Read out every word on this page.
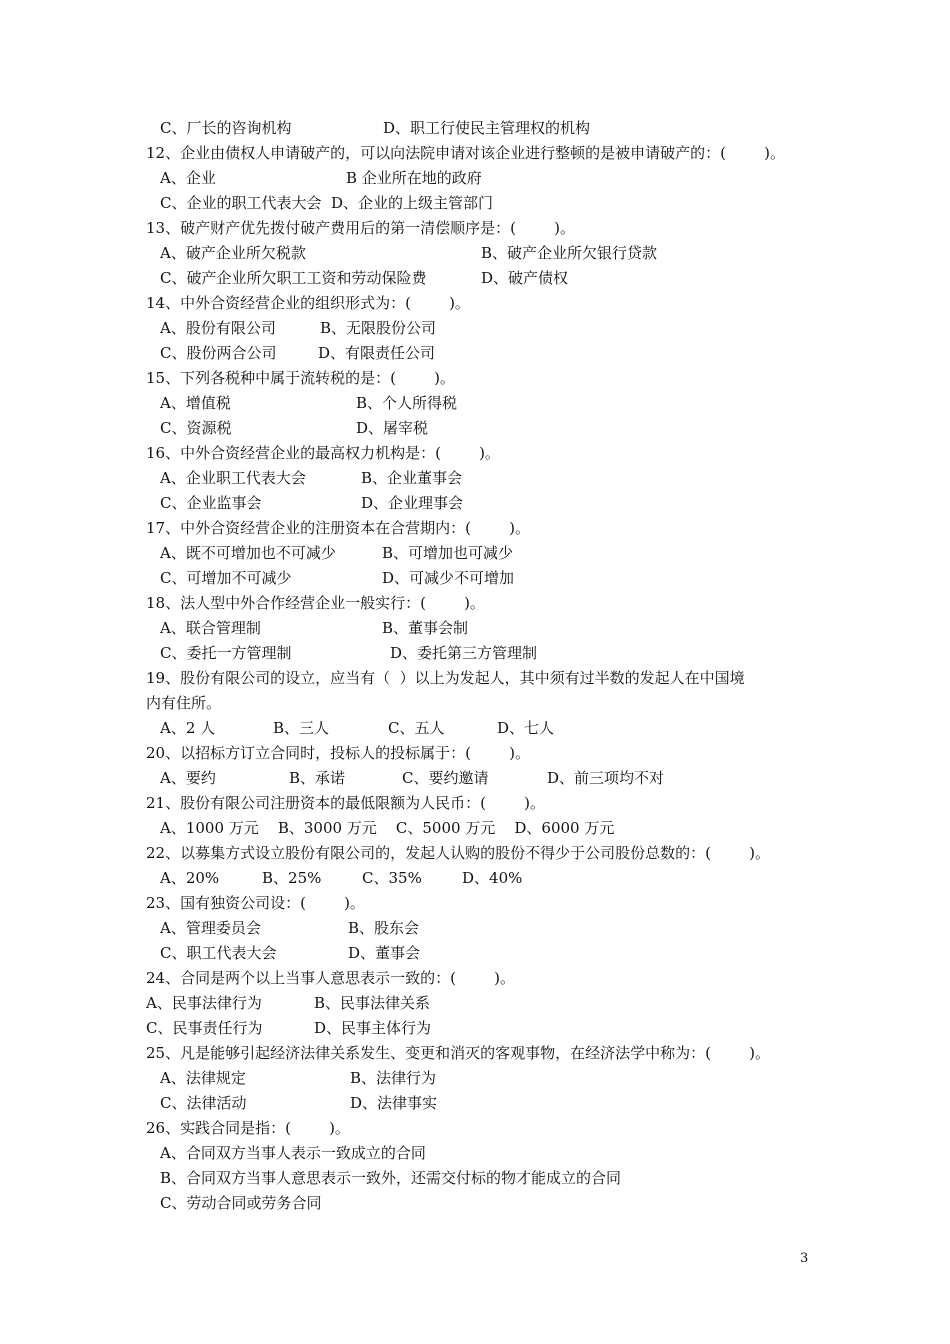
C、厂长的咨询机构	D、职工行使民主管理权的机构
12、企业由债权人申请破产的，可以向法院申请对该企业进行整顿的是被申请破产的：(        )。
A、企业	B 企业所在地的政府
C、企业的职工代表大会  D、企业的上级主管部门
13、破产财产优先拨付破产费用后的第一清偿顺序是：(        )。
A、破产企业所欠税款	B、破产企业所欠银行贷款
C、破产企业所欠职工工资和劳动保险费	D、破产债权
14、中外合资经营企业的组织形式为：(        )。
A、股份有限公司	B、无限股份公司
C、股份两合公司	D、有限责任公司
15、下列各税种中属于流转税的是：(        )。
A、增值税	B、个人所得税
C、资源税	D、屠宰税
16、中外合资经营企业的最高权力机构是：(        )。
A、企业职工代表大会	B、企业董事会
C、企业监事会	D、企业理事会
17、中外合资经营企业的注册资本在合营期内：(        )。
A、既不可增加也不可减少	B、可增加也可减少
C、可增加不可减少	D、可减少不可增加
18、法人型中外合作经营企业一般实行：(        )。
A、联合管理制	B、董事会制
C、委托一方管理制	D、委托第三方管理制
19、股份有限公司的设立，应当有（  ）以上为发起人，其中须有过半数的发起人在中国境
内有住所。
A、2 人	B、三人	C、五人	D、七人
20、以招标方订立合同时，投标人的投标属于：(        )。
A、要约	B、承诺	C、要约邀请	D、前三项均不对
21、股份有限公司注册资本的最低限额为人民币：(        )。
A、1000 万元    B、3000 万元    C、5000 万元    D、6000 万元
22、以募集方式设立股份有限公司的，发起人认购的股份不得少于公司股份总数的：(        )。
A、20%	B、25%	C、35%	D、40%
23、国有独资公司设：(        )。
A、管理委员会	B、股东会
C、职工代表大会	D、董事会
24、合同是两个以上当事人意思表示一致的：(        )。
A、民事法律行为	B、民事法律关系
C、民事责任行为	D、民事主体行为
25、凡是能够引起经济法律关系发生、变更和消灭的客观事物，在经济法学中称为：(        )。
A、法律规定	B、法律行为
C、法律活动	D、法律事实
26、实践合同是指：(        )。
A、合同双方当事人表示一致成立的合同
B、合同双方当事人意思表示一致外，还需交付标的物才能成立的合同
C、劳动合同或劳务合同
3
